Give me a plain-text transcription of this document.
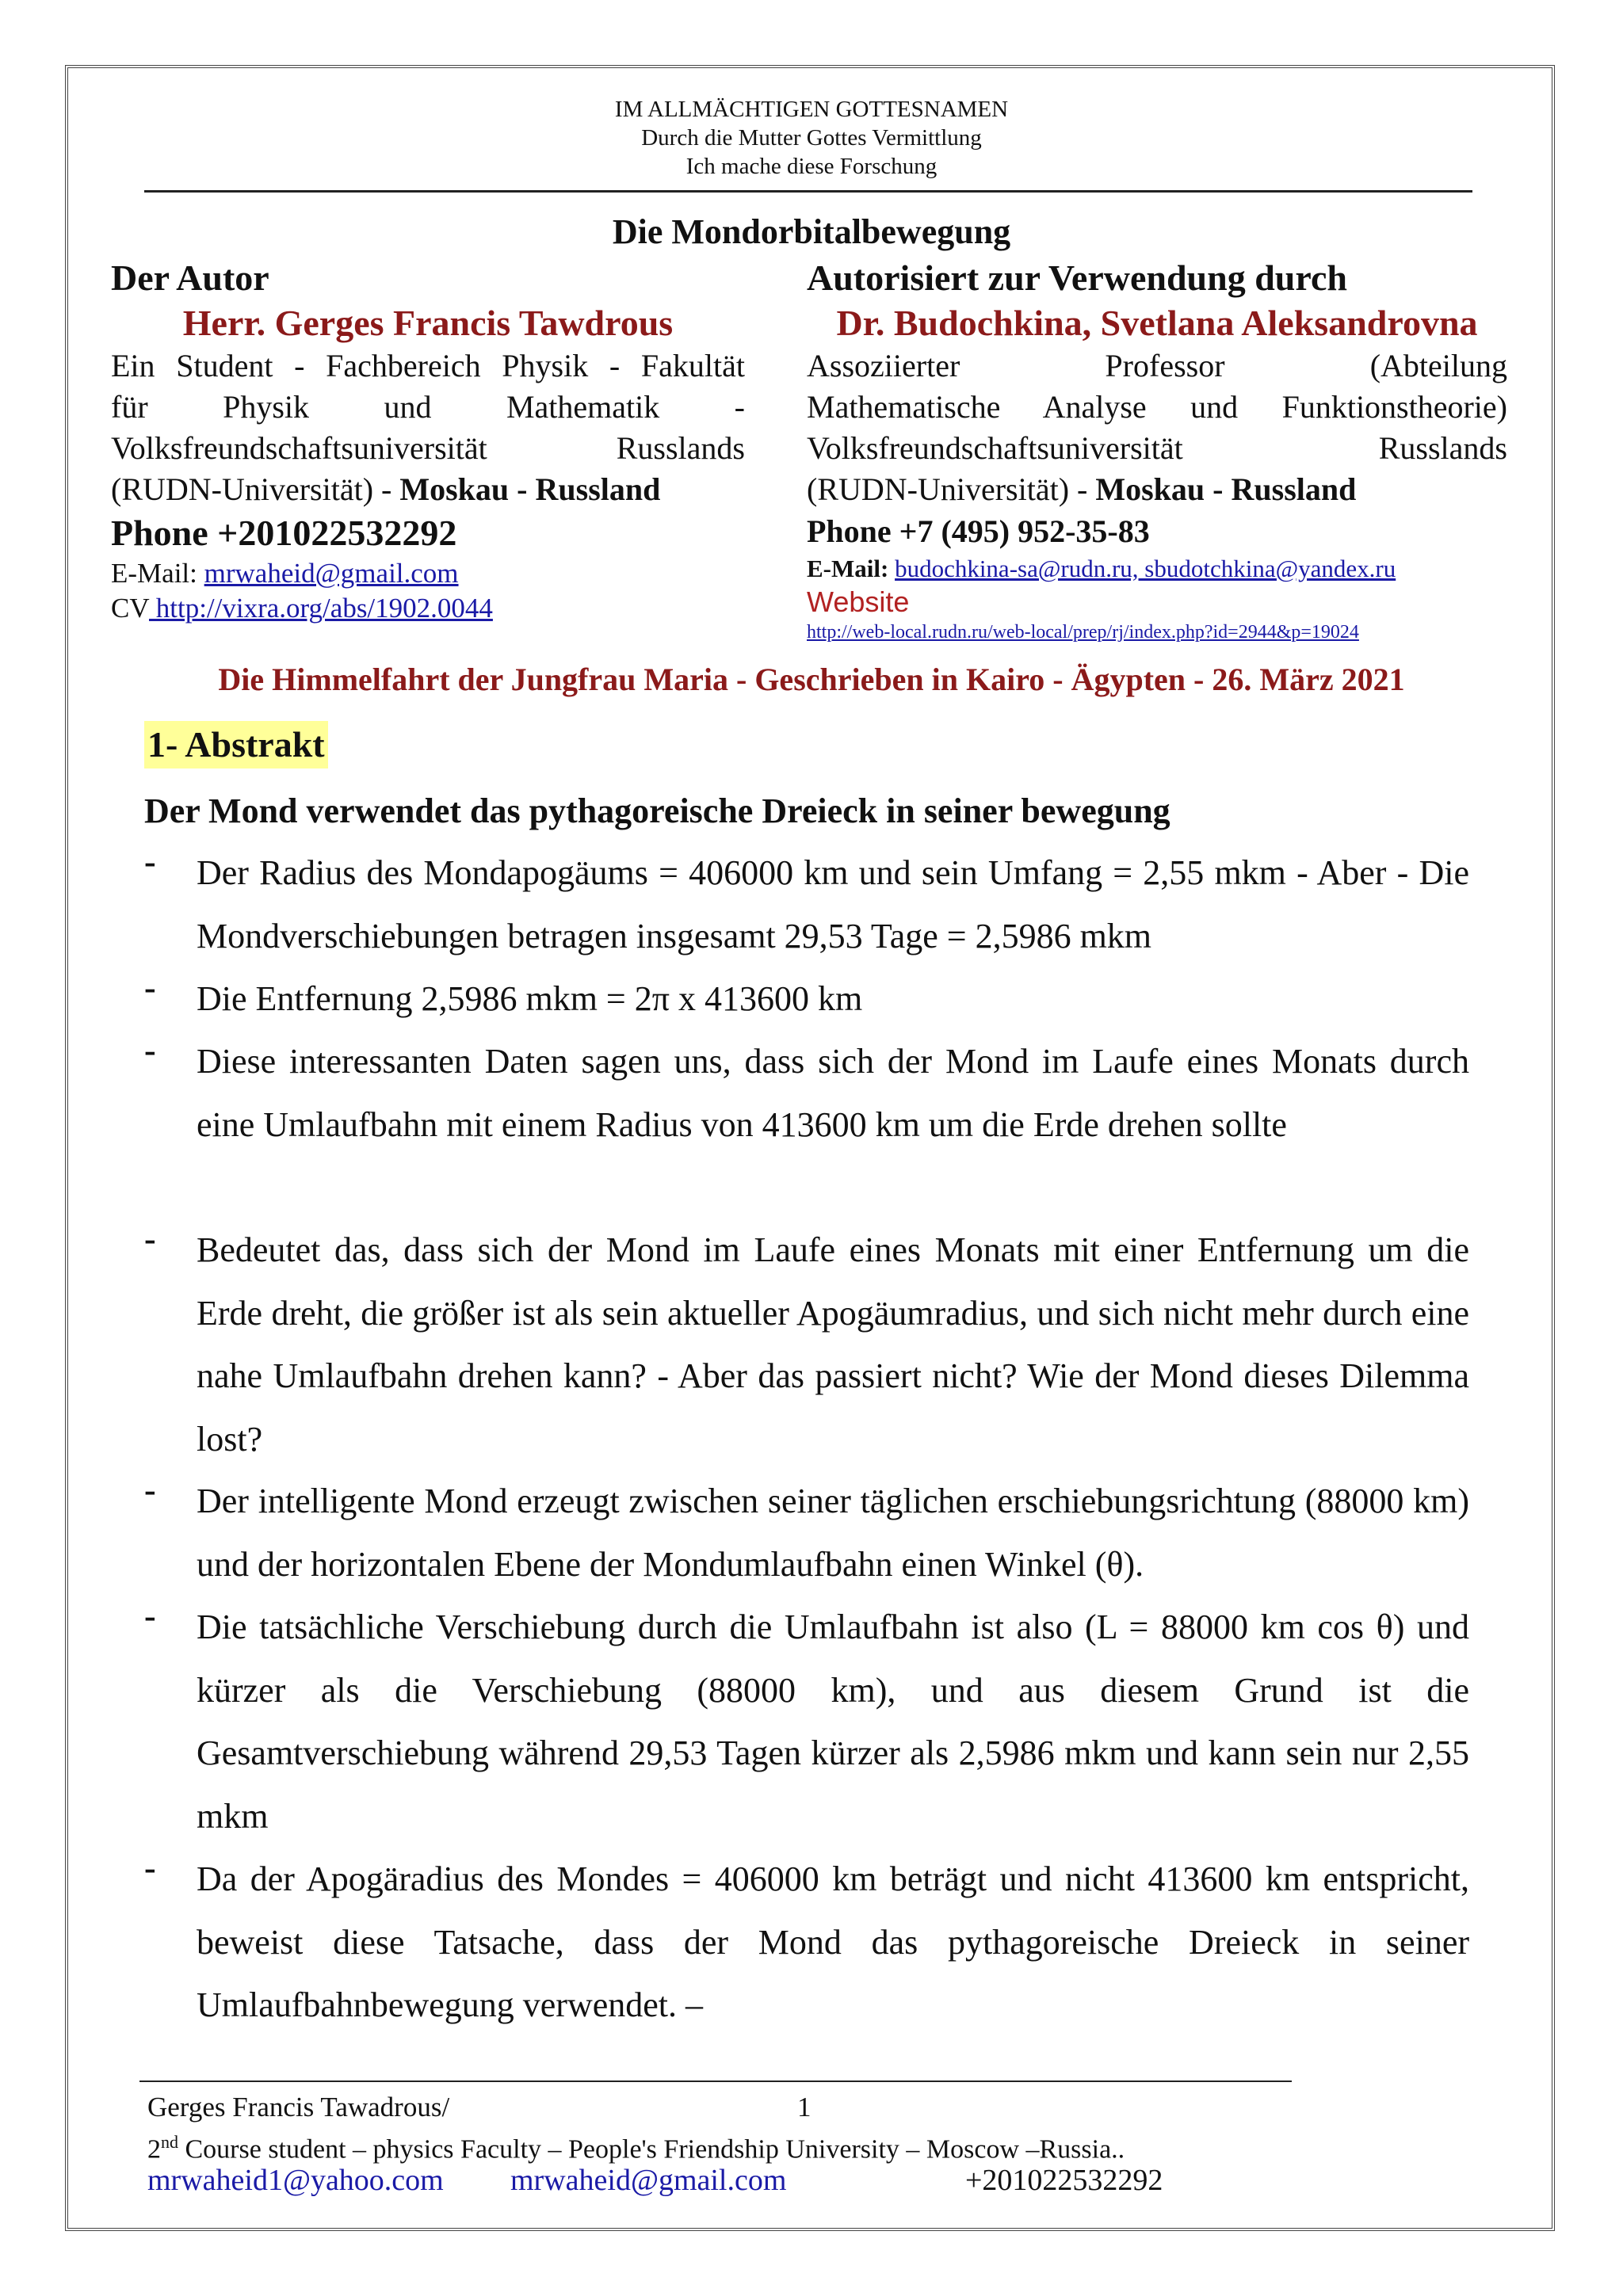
IM ALLMÄCHTIGEN GOTTESNAMEN
Durch die Mutter Gottes Vermittlung
Ich mache diese Forschung
Die Mondorbitalbewegung
Der Autor
Herr. Gerges Francis Tawdrous
Ein Student - Fachbereich Physik - Fakultät
für Physik und Mathematik -
Volksfreundschaftsuniversität Russlands
(RUDN-Universität) - Moskau - Russland
Phone +201022532292
E-Mail: mrwaheid@gmail.com
CV http://vixra.org/abs/1902.0044
Autorisiert zur Verwendung durch
Dr. Budochkina, Svetlana Aleksandrovna
Assoziierter Professor (Abteilung
Mathematische Analyse und Funktionstheorie)
Volksfreundschaftsuniversität Russlands
(RUDN-Universität) - Moskau - Russland
Phone +7 (495) 952-35-83
E-Mail: budochkina-sa@rudn.ru, sbudotchkina@yandex.ru
Website
http://web-local.rudn.ru/web-local/prep/rj/index.php?id=2944&p=19024
Die Himmelfahrt der Jungfrau Maria - Geschrieben in Kairo - Ägypten - 26. März 2021
1- Abstrakt
Der Mond verwendet das pythagoreische Dreieck in seiner bewegung
- Der Radius des Mondapogäums = 406000 km und sein Umfang = 2,55 mkm - Aber - Die Mondverschiebungen betragen insgesamt 29,53 Tage = 2,5986 mkm
- Die Entfernung 2,5986 mkm = 2π x 413600 km
- Diese interessanten Daten sagen uns, dass sich der Mond im Laufe eines Monats durch eine Umlaufbahn mit einem Radius von 413600 km um die Erde drehen sollte
- Bedeutet das, dass sich der Mond im Laufe eines Monats mit einer Entfernung um die Erde dreht, die größer ist als sein aktueller Apogäumradius, und sich nicht mehr durch eine nahe Umlaufbahn drehen kann? - Aber das passiert nicht? Wie der Mond dieses Dilemma lost?
- Der intelligente Mond erzeugt zwischen seiner täglichen erschiebungsrichtung (88000 km) und der horizontalen Ebene der Mondumlaufbahn einen Winkel (θ).
- Die tatsächliche Verschiebung durch die Umlaufbahn ist also (L = 88000 km cos θ) und kürzer als die Verschiebung (88000 km), und aus diesem Grund ist die Gesamtverschiebung während 29,53 Tagen kürzer als 2,5986 mkm und kann sein nur 2,55 mkm
- Da der Apogäradius des Mondes = 406000 km beträgt und nicht 413600 km entspricht, beweist diese Tatsache, dass der Mond das pythagoreische Dreieck in seiner Umlaufbahnbewegung verwendet. –
Gerges Francis Tawadrous/	1
2nd Course student – physics Faculty – People's Friendship University – Moscow –Russia..
mrwaheid1@yahoo.com mrwaheid@gmail.com	+201022532292
